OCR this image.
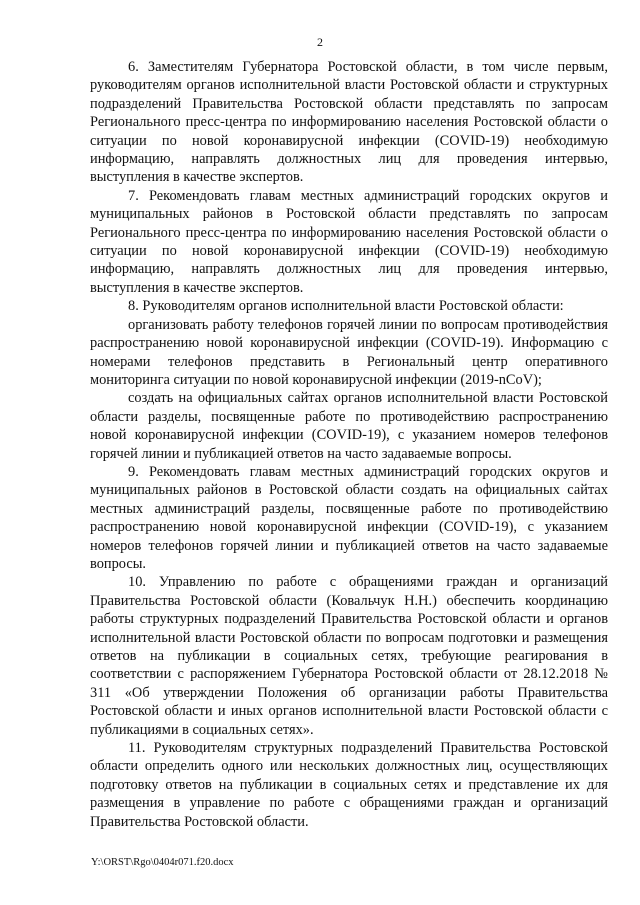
2

6. Заместителям Губернатора Ростовской области, в том числе первым, руководителям органов исполнительной власти Ростовской области и структурных подразделений Правительства Ростовской области представлять по запросам Регионального пресс-центра по информированию населения Ростовской области о ситуации по новой коронавирусной инфекции (COVID-19) необходимую информацию, направлять должностных лиц для проведения интервью, выступления в качестве экспертов.

7. Рекомендовать главам местных администраций городских округов и муниципальных районов в Ростовской области представлять по запросам Регионального пресс-центра по информированию населения Ростовской области о ситуации по новой коронавирусной инфекции (COVID-19) необходимую информацию, направлять должностных лиц для проведения интервью, выступления в качестве экспертов.

8. Руководителям органов исполнительной власти Ростовской области:

организовать работу телефонов горячей линии по вопросам противодействия распространению новой коронавирусной инфекции (COVID-19). Информацию с номерами телефонов представить в Региональный центр оперативного мониторинга ситуации по новой коронавирусной инфекции (2019-nCoV);

создать на официальных сайтах органов исполнительной власти Ростовской области разделы, посвященные работе по противодействию распространению новой коронавирусной инфекции (COVID-19), с указанием номеров телефонов горячей линии и публикацией ответов на часто задаваемые вопросы.

9. Рекомендовать главам местных администраций городских округов и муниципальных районов в Ростовской области создать на официальных сайтах местных администраций разделы, посвященные работе по противодействию распространению новой коронавирусной инфекции (COVID-19), с указанием номеров телефонов горячей линии и публикацией ответов на часто задаваемые вопросы.

10. Управлению по работе с обращениями граждан и организаций Правительства Ростовской области (Ковальчук Н.Н.) обеспечить координацию работы структурных подразделений Правительства Ростовской области и органов исполнительной власти Ростовской области по вопросам подготовки и размещения ответов на публикации в социальных сетях, требующие реагирования в соответствии с распоряжением Губернатора Ростовской области от 28.12.2018 № 311 «Об утверждении Положения об организации работы Правительства Ростовской области и иных органов исполнительной власти Ростовской области с публикациями в социальных сетях».

11. Руководителям структурных подразделений Правительства Ростовской области определить одного или нескольких должностных лиц, осуществляющих подготовку ответов на публикации в социальных сетях и представление их для размещения в управление по работе с обращениями граждан и организаций Правительства Ростовской области.

Y:\ORST\Rgo\0404r071.f20.docx
